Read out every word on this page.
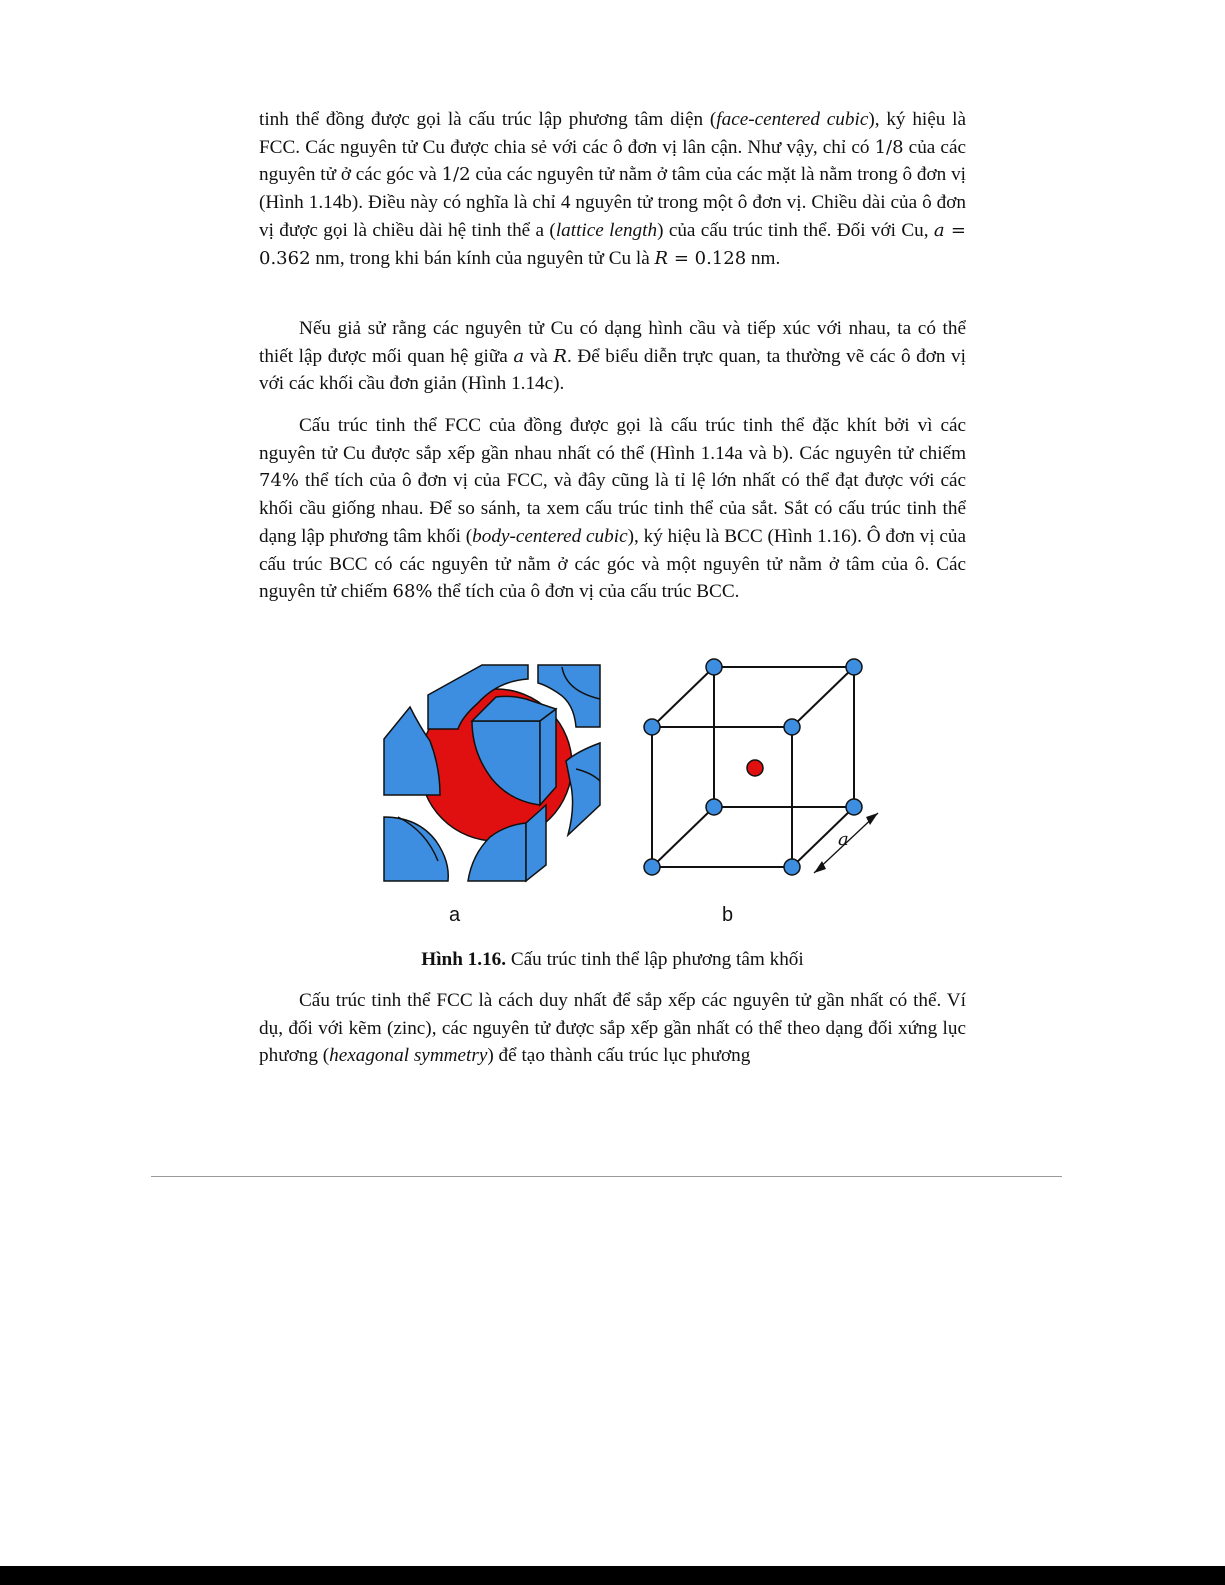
tinh thể đồng được gọi là cấu trúc lập phương tâm diện (face-centered cubic), ký hiệu là FCC. Các nguyên tử Cu được chia sẻ với các ô đơn vị lân cận. Như vậy, chỉ có 1/8 của các nguyên tử ở các góc và 1/2 của các nguyên tử nằm ở tâm của các mặt là nằm trong ô đơn vị (Hình 1.14b). Điều này có nghĩa là chỉ 4 nguyên tử trong một ô đơn vị. Chiều dài của ô đơn vị được gọi là chiều dài hệ tinh thể a (lattice length) của cấu trúc tinh thể. Đối với Cu, a = 0.362 nm, trong khi bán kính của nguyên tử Cu là R = 0.128 nm.

Nếu giả sử rằng các nguyên tử Cu có dạng hình cầu và tiếp xúc với nhau, ta có thể thiết lập được mối quan hệ giữa a và R. Để biểu diễn trực quan, ta thường vẽ các ô đơn vị với các khối cầu đơn giản (Hình 1.14c).

Cấu trúc tinh thể FCC của đồng được gọi là cấu trúc tinh thể đặc khít bởi vì các nguyên tử Cu được sắp xếp gần nhau nhất có thể (Hình 1.14a và b). Các nguyên tử chiếm 74% thể tích của ô đơn vị của FCC, và đây cũng là tỉ lệ lớn nhất có thể đạt được với các khối cầu giống nhau. Để so sánh, ta xem cấu trúc tinh thể của sắt. Sắt có cấu trúc tinh thể dạng lập phương tâm khối (body-centered cubic), ký hiệu là BCC (Hình 1.16). Ô đơn vị của cấu trúc BCC có các nguyên tử nằm ở các góc và một nguyên tử nằm ở tâm của ô. Các nguyên tử chiếm 68% thể tích của ô đơn vị của cấu trúc BCC.

a
a	b

Hình 1.16. Cấu trúc tinh thể lập phương tâm khối

Cấu trúc tinh thể FCC là cách duy nhất để sắp xếp các nguyên tử gần nhất có thể. Ví dụ, đối với kẽm (zinc), các nguyên tử được sắp xếp gần nhất có thể theo dạng đối xứng lục phương (hexagonal symmetry) để tạo thành cấu trúc lục phương
